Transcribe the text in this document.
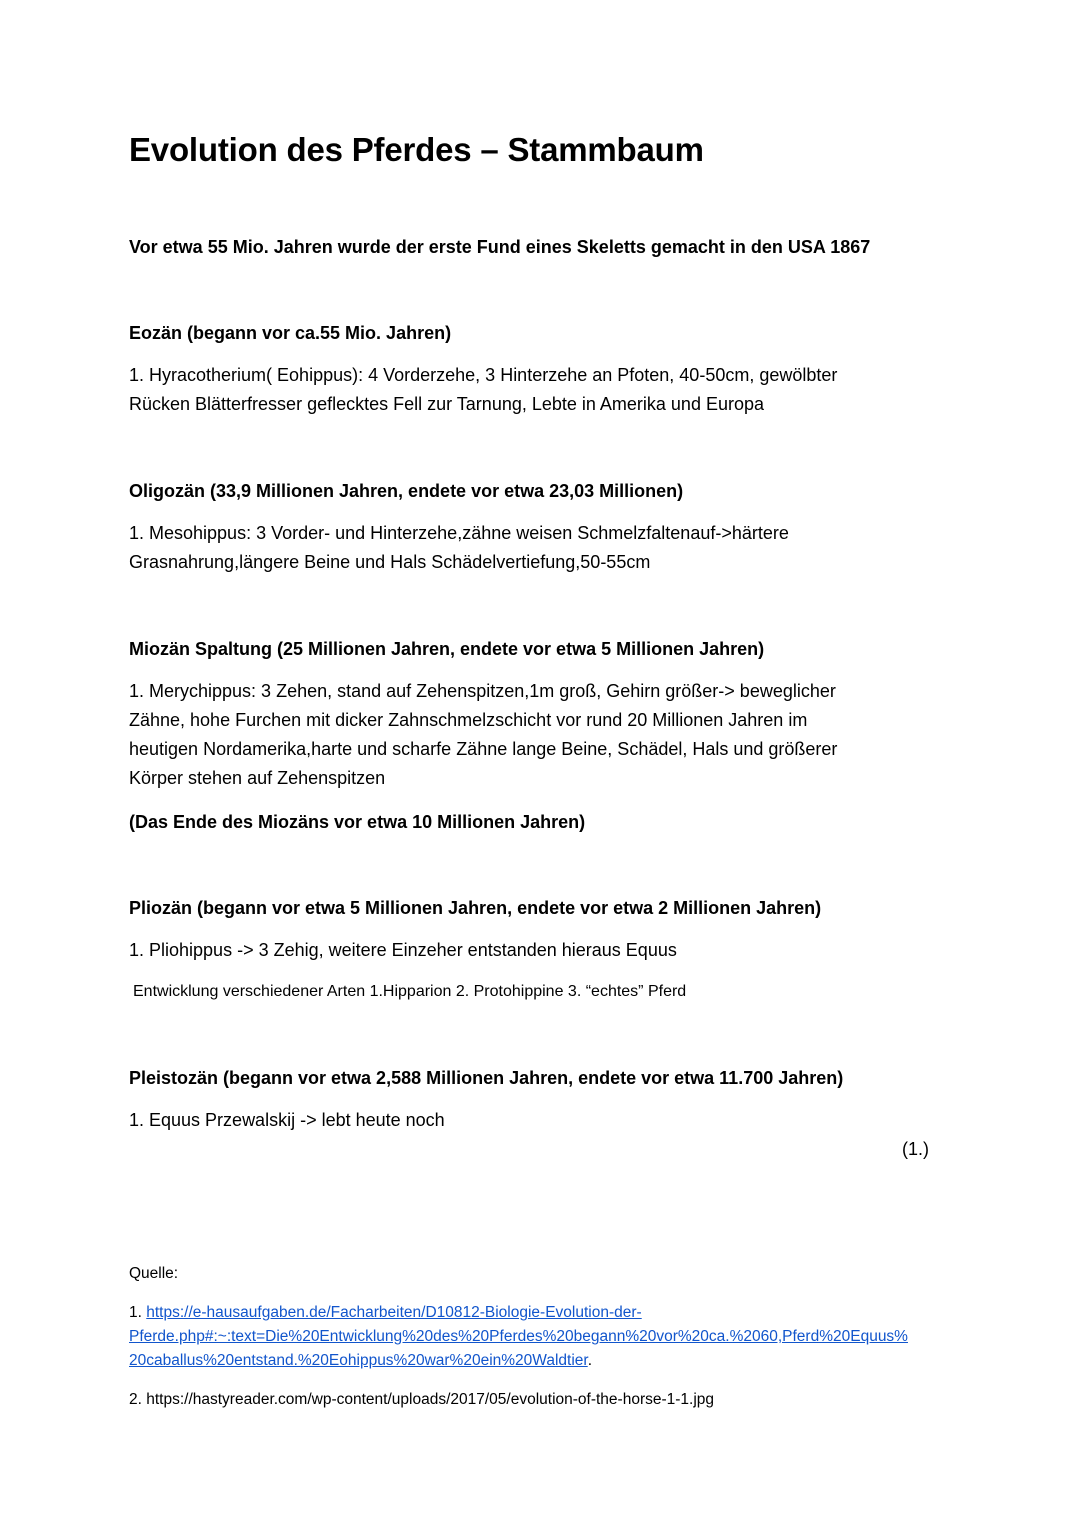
Evolution des Pferdes – Stammbaum

Vor etwa 55 Mio. Jahren wurde der erste Fund eines Skeletts gemacht in den USA 1867

Eozän (begann vor ca.55 Mio. Jahren)

1. Hyracotherium( Eohippus): 4 Vorderzehe, 3 Hinterzehe an Pfoten, 40-50cm, gewölbter
Rücken Blätterfresser geflecktes Fell zur Tarnung, Lebte in Amerika und Europa

Oligozän (33,9 Millionen Jahren, endete vor etwa 23,03 Millionen)

1. Mesohippus: 3 Vorder- und Hinterzehe,zähne weisen Schmelzfaltenauf->härtere
Grasnahrung,längere Beine und Hals Schädelvertiefung,50-55cm

Miozän Spaltung (25 Millionen Jahren, endete vor etwa 5 Millionen Jahren)

1. Merychippus: 3 Zehen, stand auf Zehenspitzen,1m groß, Gehirn größer-> beweglicher
Zähne, hohe Furchen mit dicker Zahnschmelzschicht vor rund 20 Millionen Jahren im
heutigen Nordamerika,harte und scharfe Zähne lange Beine, Schädel, Hals und größerer
Körper stehen auf Zehenspitzen

(Das Ende des Miozäns vor etwa 10 Millionen Jahren)

Pliozän (begann vor etwa 5 Millionen Jahren, endete vor etwa 2 Millionen Jahren)

1. Pliohippus -> 3 Zehig, weitere Einzeher entstanden hieraus Equus

Entwicklung verschiedener Arten 1.Hipparion 2. Protohippine 3. “echtes” Pferd

Pleistozän (begann vor etwa 2,588 Millionen Jahren, endete vor etwa 11.700 Jahren)

1. Equus Przewalskij -> lebt heute noch

(1.)

Quelle:

1. https://e-hausaufgaben.de/Facharbeiten/D10812-Biologie-Evolution-der-
Pferde.php#:~:text=Die%20Entwicklung%20des%20Pferdes%20begann%20vor%20ca.%2060,Pferd%20Equus%
20caballus%20entstand.%20Eohippus%20war%20ein%20Waldtier.

2. https://hastyreader.com/wp-content/uploads/2017/05/evolution-of-the-horse-1-1.jpg
